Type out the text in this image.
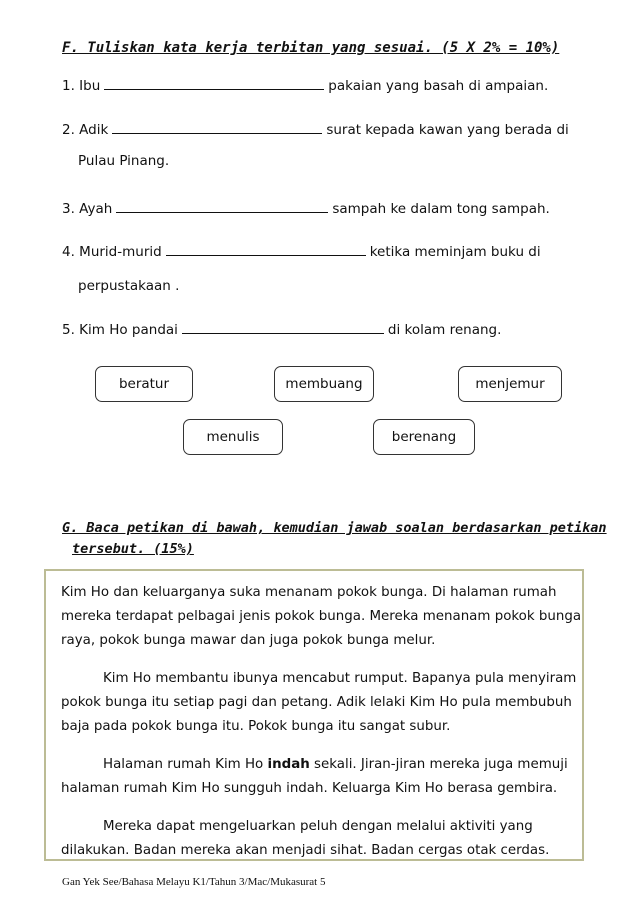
F. Tuliskan kata kerja terbitan yang sesuai. (5 X 2% = 10%)
1. Ibu	pakaian yang basah di ampaian.
2. Adik	surat kepada kawan yang berada di
Pulau Pinang.
3. Ayah	sampah ke dalam tong sampah.
4. Murid-murid	ketika meminjam buku di
perpustakaan .
5. Kim Ho pandai	di kolam renang.
beratur	membuang	menjemur
menulis	berenang
G. Baca petikan di bawah, kemudian jawab soalan berdasarkan petikan
tersebut. (15%)

Kim Ho dan keluarganya suka menanam pokok bunga. Di halaman rumah
mereka terdapat pelbagai jenis pokok bunga. Mereka menanam pokok bunga
raya, pokok bunga mawar dan juga pokok bunga melur.

Kim Ho membantu ibunya mencabut rumput. Bapanya pula menyiram
pokok bunga itu setiap pagi dan petang. Adik lelaki Kim Ho pula membubuh
baja pada pokok bunga itu. Pokok bunga itu sangat subur.

Halaman rumah Kim Ho indah sekali. Jiran-jiran mereka juga memuji
halaman rumah Kim Ho sungguh indah. Keluarga Kim Ho berasa gembira.

Mereka dapat mengeluarkan peluh dengan melalui aktiviti yang
dilakukan. Badan mereka akan menjadi sihat. Badan cergas otak cerdas.

Gan Yek See/Bahasa Melayu K1/Tahun 3/Mac/Mukasurat 5
